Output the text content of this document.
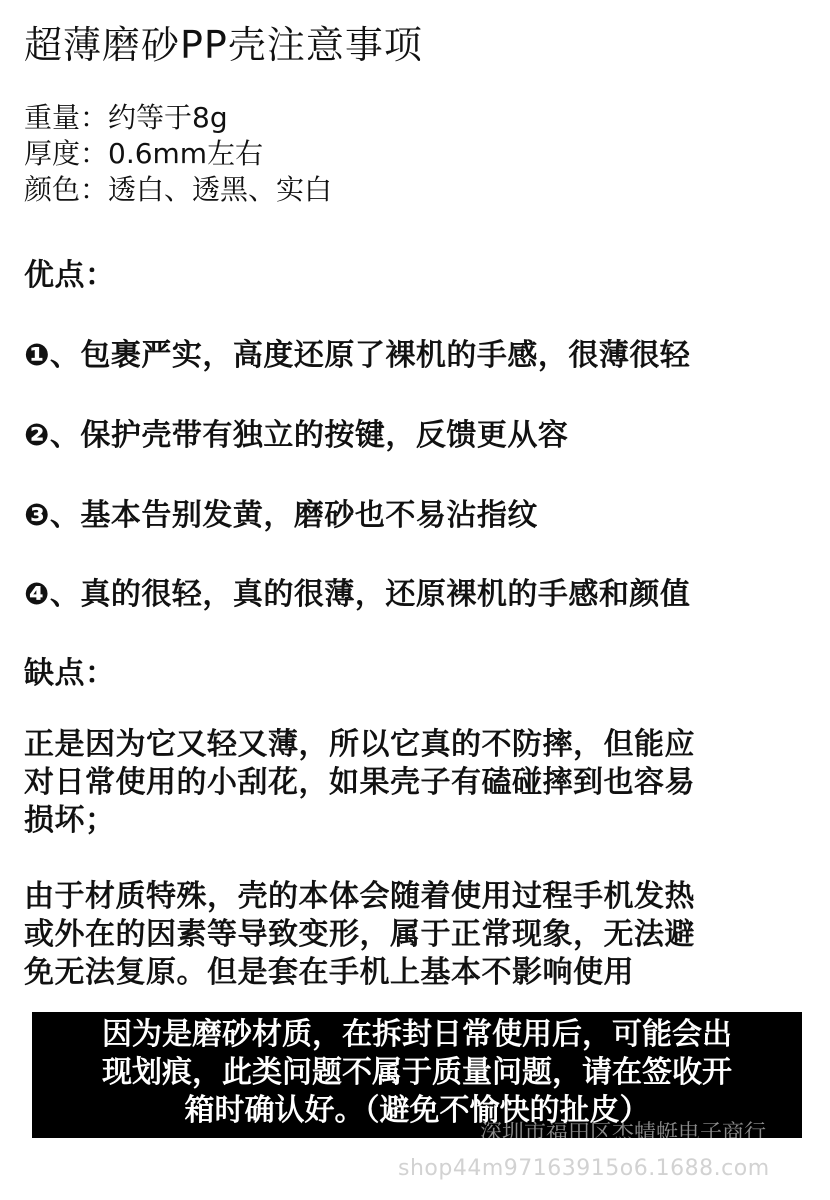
超薄磨砂PP壳注意事项
重量：约等于8g
厚度：0.6mm左右
颜色：透白、透黑、实白
优点：
❶、包裹严实，高度还原了裸机的手感，很薄很轻
❷、保护壳带有独立的按键，反馈更从容
❸、基本告别发黄，磨砂也不易沾指纹
❹、真的很轻，真的很薄，还原裸机的手感和颜值
缺点：
正是因为它又轻又薄，所以它真的不防摔，但能应
对日常使用的小刮花，如果壳子有磕碰摔到也容易
损坏；
由于材质特殊，壳的本体会随着使用过程手机发热
或外在的因素等导致变形，属于正常现象，无法避
免无法复原。但是套在手机上基本不影响使用
因为是磨砂材质，在拆封日常使用后，可能会出
现划痕，此类问题不属于质量问题，请在签收开
箱时确认好。（避免不愉快的扯皮）
深圳市福田区杰蜻蜓电子商行
shop44m97163915o6.1688.com
